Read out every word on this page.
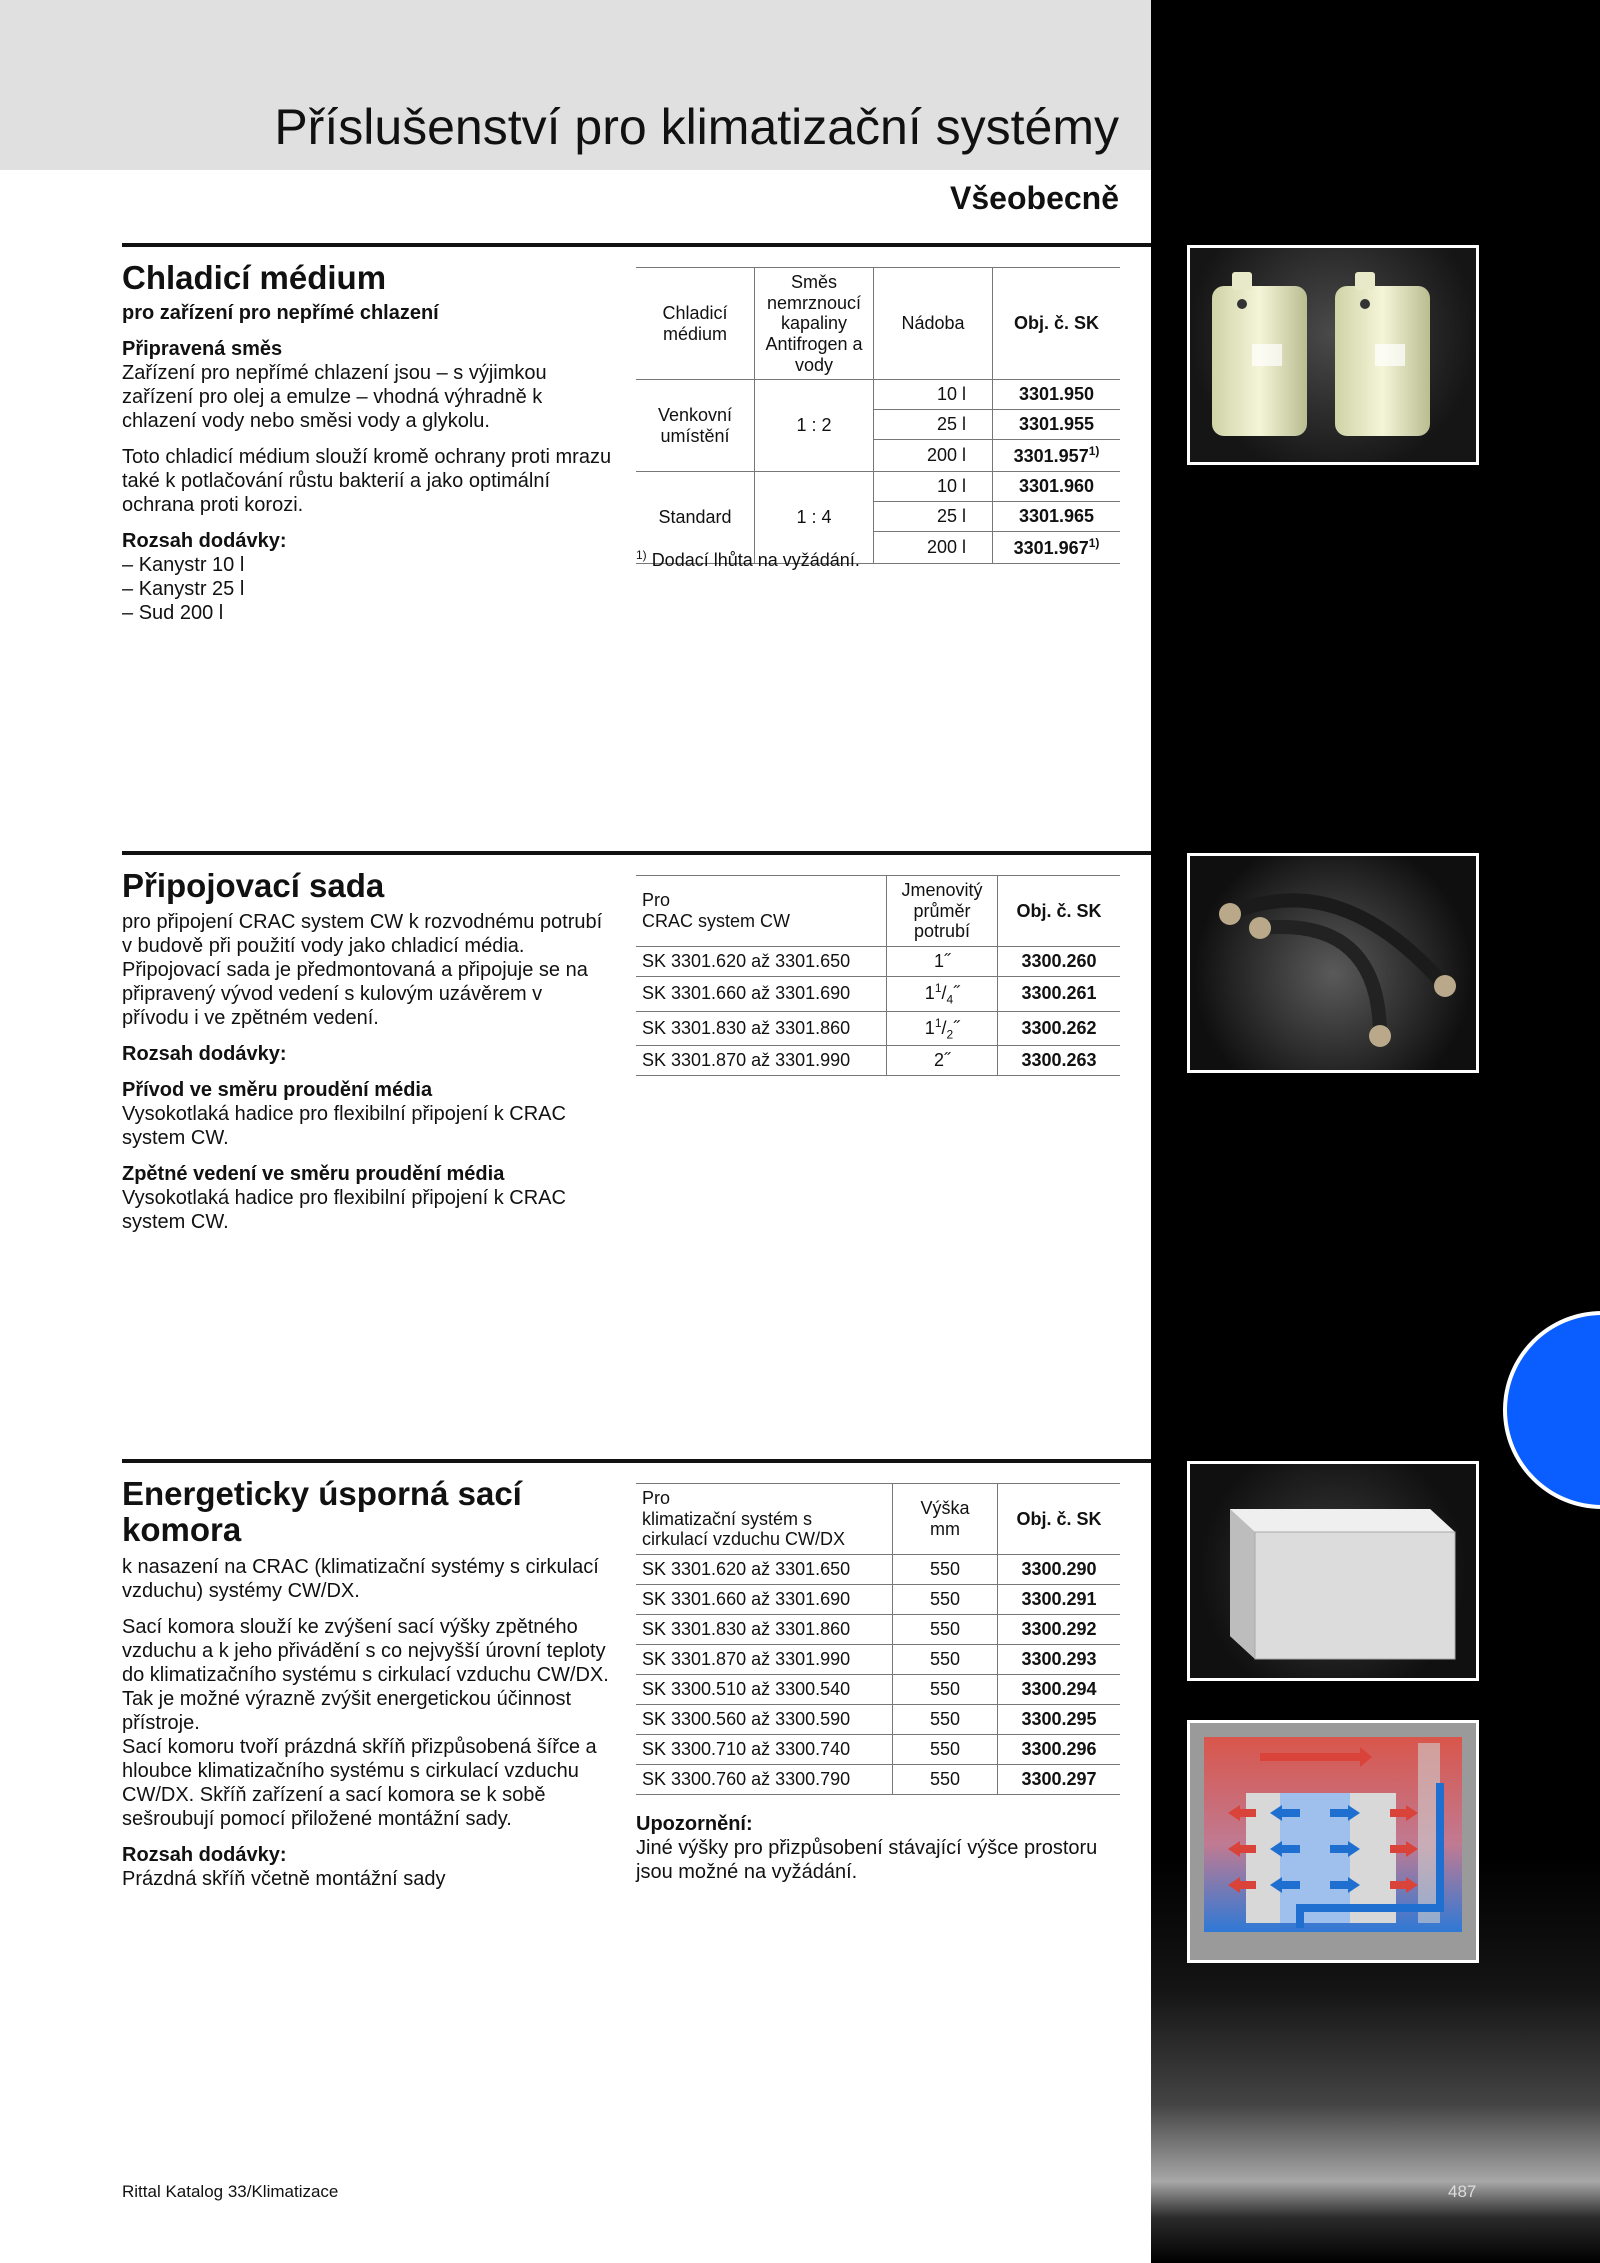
Příslušenství pro klimatizační systémy
Všeobecně
Chladicí médium
pro zařízení pro nepřímé chlazení
Připravená směs

Zařízení pro nepřímé chlazení jsou – s výjimkou zařízení pro olej a emulze – vhodná výhradně k chlazení vody nebo směsi vody a glykolu.

Toto chladicí médium slouží kromě ochrany proti mrazu také k potlačování růstu bakterií a jako optimální ochrana proti korozi.

Rozsah dodávky:
– Kanystr 10 l
– Kanystr 25 l
– Sud 200 l
Chladicí médium	Směs nemrznoucí kapaliny Antifrogen a vody	Nádoba	Obj. č. SK
Venkovní umístění	1 : 2	10 l	3301.950
		25 l	3301.955
		200 l	3301.957$^{1)}$
Standard	1 : 4	10 l	3301.960
		25 l	3301.965
		200 l	3301.967$^{1)}$
$^{1)}$ Dodací lhůta na vyžádání.
Připojovací sada

pro připojení CRAC system CW k rozvodnému potrubí v budově při použití vody jako chladicí média.

Připojovací sada je předmontovaná a připojuje se na připravený vývod vedení s kulovým uzávěrem v přívodu i ve zpětném vedení.

Rozsah dodávky:

Přívod ve směru proudění média

Vysokotlaká hadice pro flexibilní připojení k CRAC system CW.

Zpětné vedení ve směru proudění média

Vysokotlaká hadice pro flexibilní připojení k CRAC system CW.

Pro
CRAC system CW	Jmenovitý průměr potrubí	Obj. č. SK
SK 3301.620 až 3301.650	1˝	3300.260
SK 3301.660 až 3301.690	$1^1/_4˝$	3300.261
SK 3301.830 až 3301.860	$1^1/_2˝$	3300.262
SK 3301.870 až 3301.990	2˝	3300.263
Energeticky úsporná sací
komora

k nasazení na CRAC (klimatizační systémy s cirkulací vzduchu) systémy CW/DX.

Sací komora slouží ke zvýšení sací výšky zpětného vzduchu a k jeho přivádění s co nejvyšší úrovní teploty do klimatizačního systému s cirkulací vzduchu CW/DX. Tak je možné výrazně zvýšit energetickou účinnost přístroje.

Sací komoru tvoří prázdná skříň přizpůsobená šířce a hloubce klimatizačního systému s cirkulací vzduchu CW/DX. Skříň zařízení a sací komora se k sobě sešroubují pomocí přiložené montážní sady.

Rozsah dodávky:

Prázdná skříň včetně montážní sady

Pro
klimatizační systém s
cirkulací vzduchu CW/DX	Výška
mm	Obj. č. SK
SK 3301.620 až 3301.650	550	3300.290
SK 3301.660 až 3301.690	550	3300.291
SK 3301.830 až 3301.860	550	3300.292
SK 3301.870 až 3301.990	550	3300.293
SK 3300.510 až 3300.540	550	3300.294
SK 3300.560 až 3300.590	550	3300.295
SK 3300.710 až 3300.740	550	3300.296
SK 3300.760 až 3300.790	550	3300.297
Upozornění:
Jiné výšky pro přizpůsobení stávající výšce prostoru jsou možné na vyžádání.
Rittal Katalog 33/Klimatizace	487
